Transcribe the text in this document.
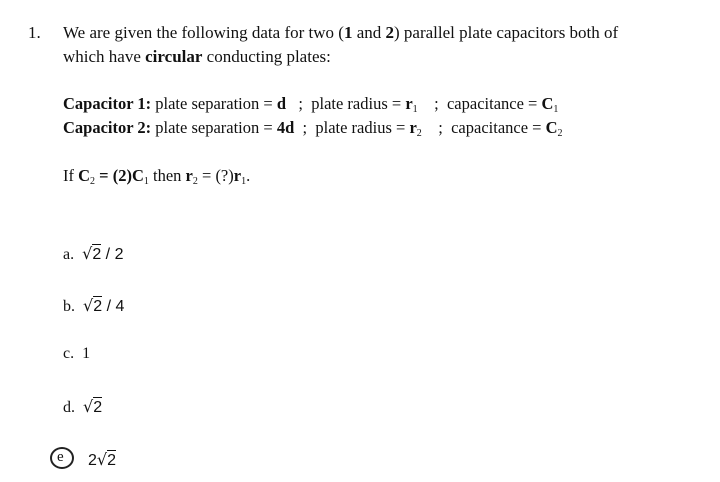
1. We are given the following data for two (1 and 2) parallel plate capacitors both of
which have circular conducting plates:
Capacitor 1: plate separation = d   ;  plate radius = $r_1$    ;  capacitance = $C_1$
Capacitor 2: plate separation = 4d  ;  plate radius = $r_2$    ;  capacitance = $C_2$
If $C_2 = (2)C_1$ then $r_2$ = $(?)r_1$.
a. √2 / 2
b. √2 / 4
c. 1
d. √2
e 2√2
